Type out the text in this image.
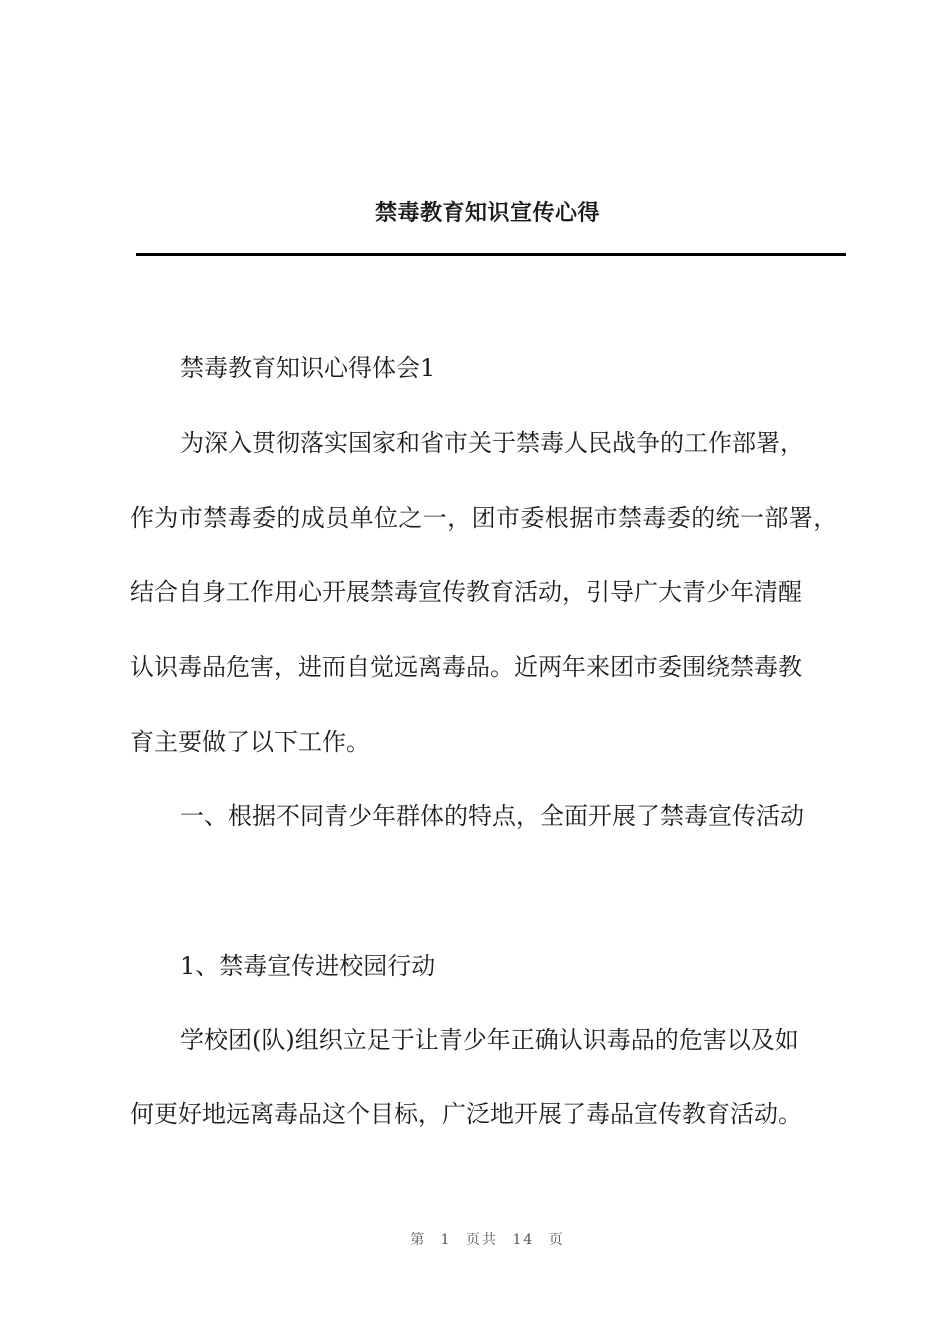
禁毒教育知识宣传心得

禁毒教育知识心得体会1

为深入贯彻落实国家和省市关于禁毒人民战争的工作部署，

作为市禁毒委的成员单位之一，团市委根据市禁毒委的统一部署，

结合自身工作用心开展禁毒宣传教育活动，引导广大青少年清醒

认识毒品危害，进而自觉远离毒品。近两年来团市委围绕禁毒教

育主要做了以下工作。

一、根据不同青少年群体的特点，全面开展了禁毒宣传活动

1、禁毒宣传进校园行动

学校团(队)组织立足于让青少年正确认识毒品的危害以及如

何更好地远离毒品这个目标，广泛地开展了毒品宣传教育活动。

第 1 页共 14 页
